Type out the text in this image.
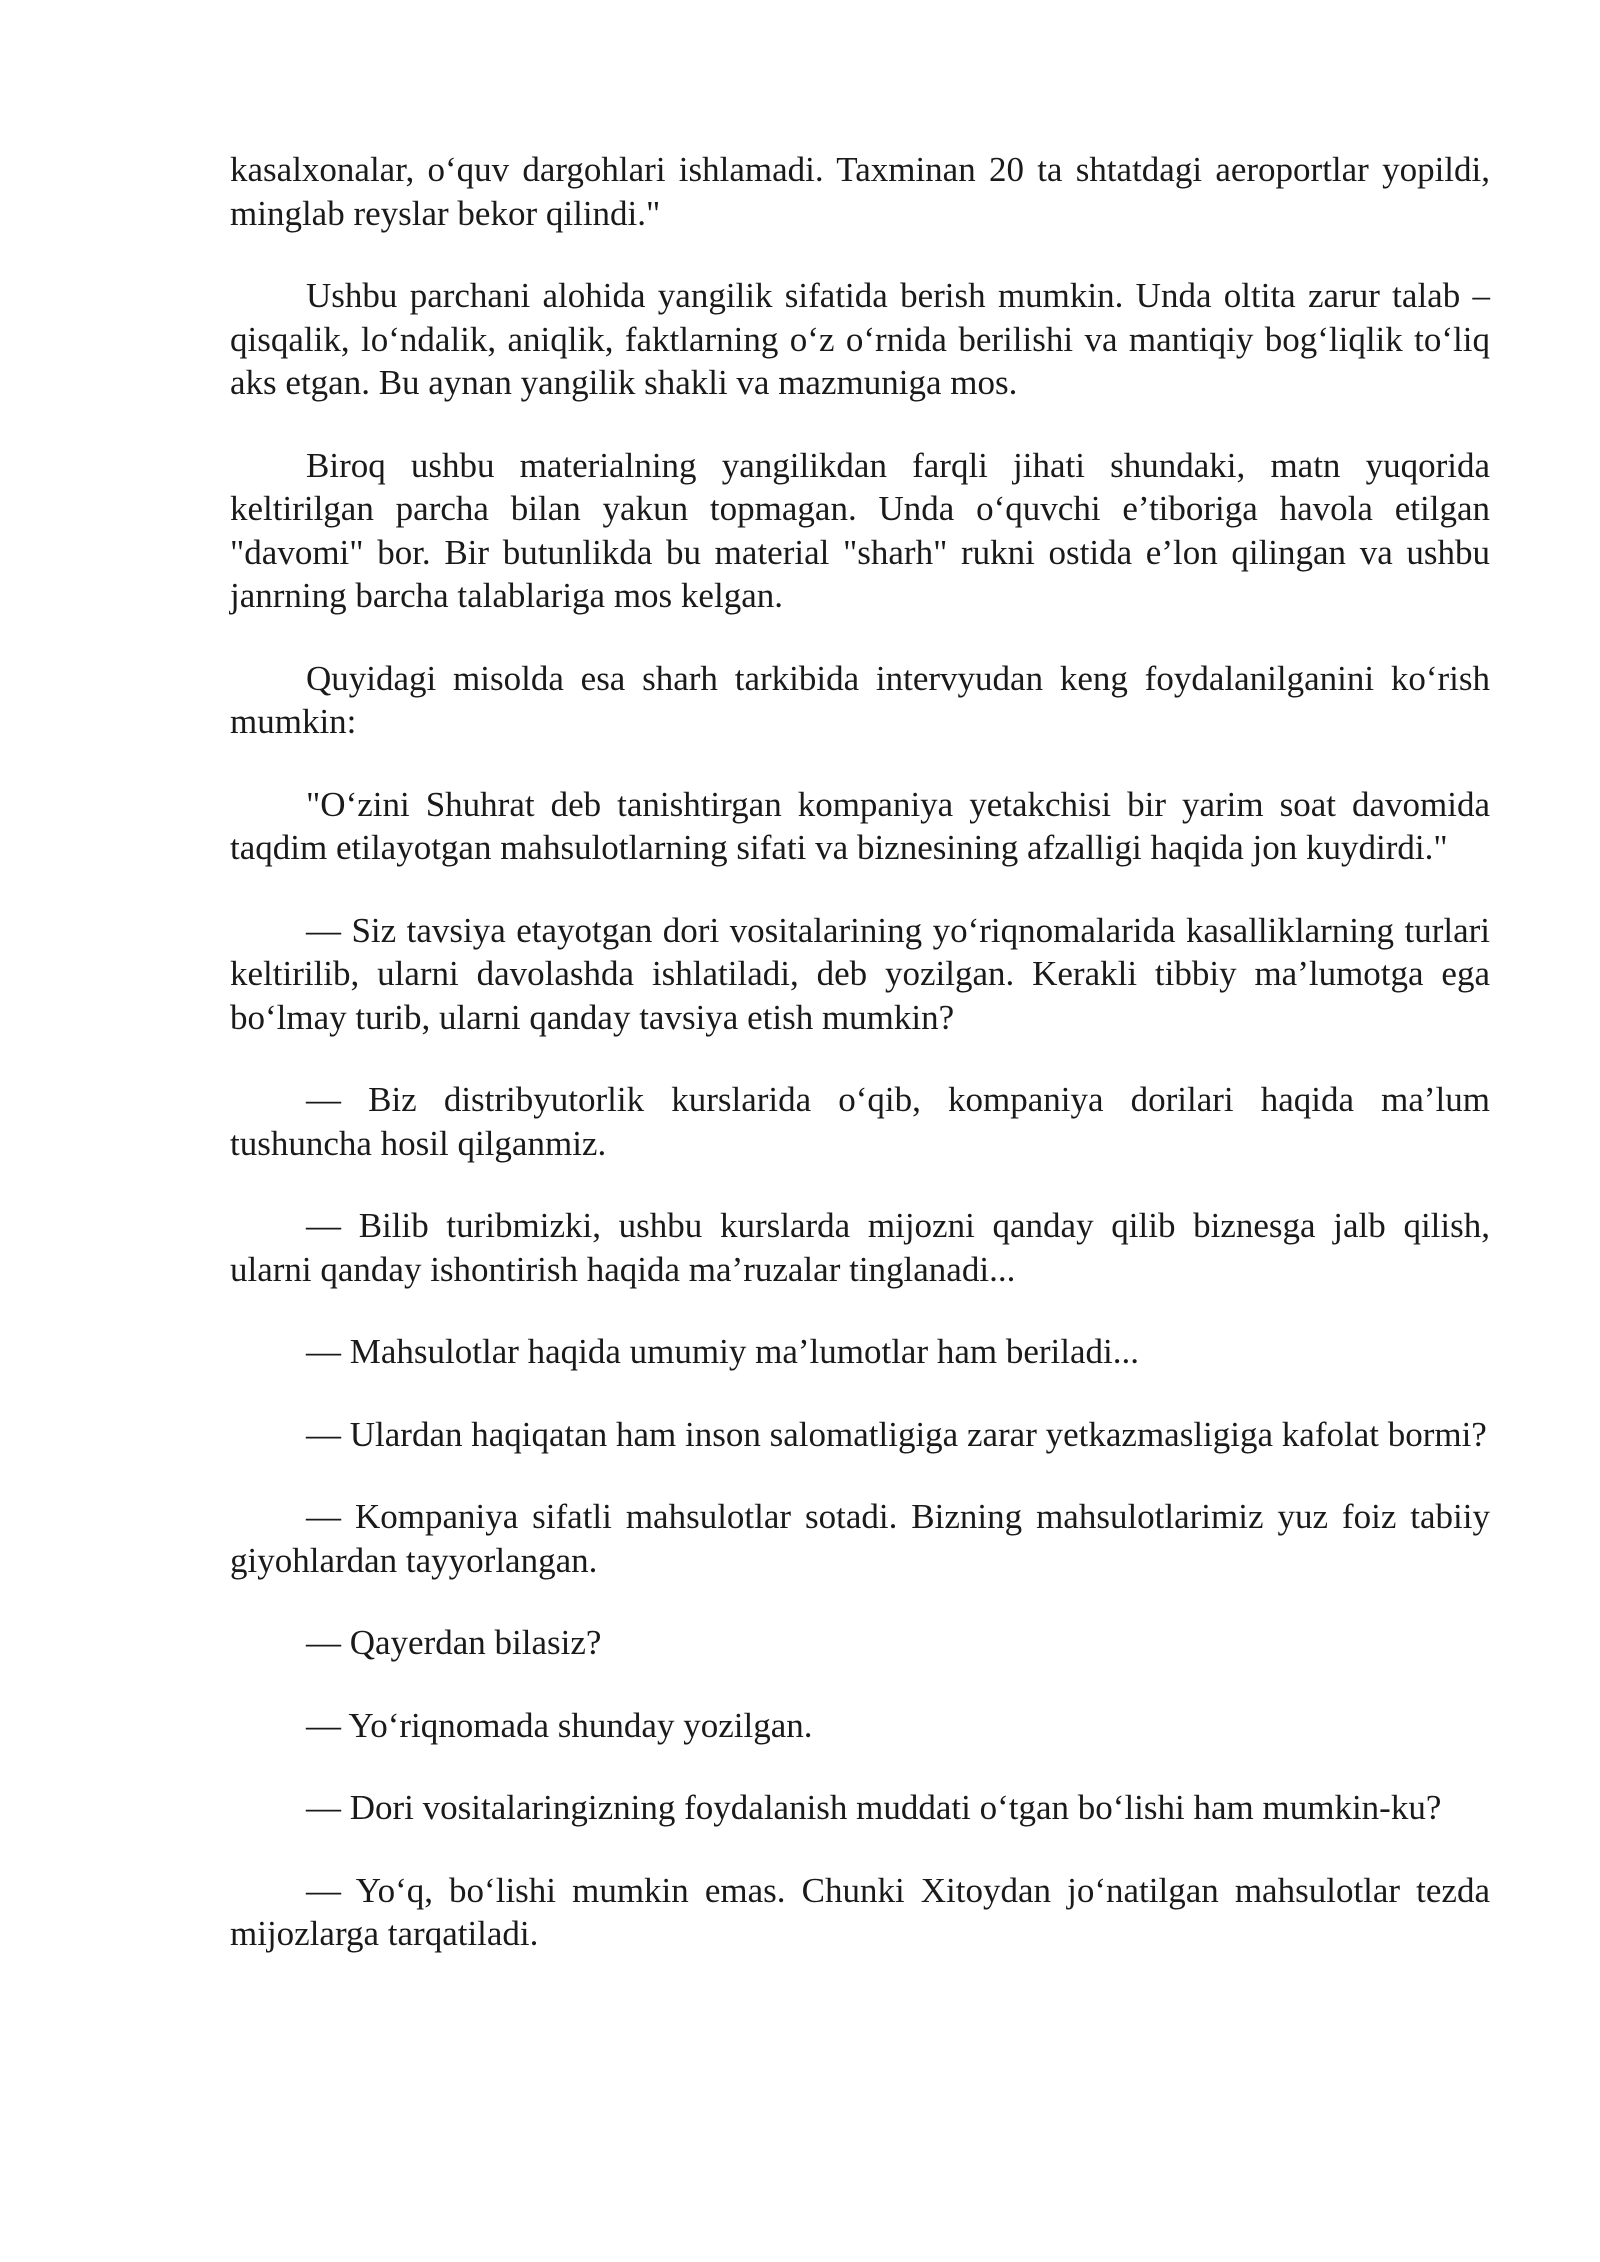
kasalxonalar, o‘quv dargohlari ishlamadi. Taxminan 20 ta shtatdagi aeroportlar yopildi, minglab reyslar bekor qilindi."

Ushbu parchani alohida yangilik sifatida berish mumkin. Unda oltita zarur talab – qisqalik, lo‘ndalik, aniqlik, faktlarning o‘z o‘rnida berilishi va mantiqiy bog‘liqlik to‘liq aks etgan. Bu aynan yangilik shakli va mazmuniga mos.

Biroq ushbu materialning yangilikdan farqli jihati shundaki, matn yuqorida keltirilgan parcha bilan yakun topmagan. Unda o‘quvchi e’tiboriga havola etilgan "davomi" bor. Bir butunlikda bu material "sharh" rukni ostida e’lon qilingan va ushbu janrning barcha talablariga mos kelgan.

Quyidagi misolda esa sharh tarkibida intervyudan keng foydalanilganini ko‘rish mumkin:

"O‘zini Shuhrat deb tanishtirgan kompaniya yetakchisi bir yarim soat davomida taqdim etilayotgan mahsulotlarning sifati va biznesining afzalligi haqida jon kuydirdi."

— Siz tavsiya etayotgan dori vositalarining yo‘riqnomalarida kasalliklarning turlari keltirilib, ularni davolashda ishlatiladi, deb yozilgan. Kerakli tibbiy ma’lumotga ega bo‘lmay turib, ularni qanday tavsiya etish mumkin?

— Biz distribyutorlik kurslarida o‘qib, kompaniya dorilari haqida ma’lum tushuncha hosil qilganmiz.

— Bilib turibmizki, ushbu kurslarda mijozni qanday qilib biznesga jalb qilish, ularni qanday ishontirish haqida ma’ruzalar tinglanadi...

— Mahsulotlar haqida umumiy ma’lumotlar ham beriladi...

— Ulardan haqiqatan ham inson salomatligiga zarar yetkazmasligiga kafolat bormi?

— Kompaniya sifatli mahsulotlar sotadi. Bizning mahsulotlarimiz yuz foiz tabiiy giyohlardan tayyorlangan.

— Qayerdan bilasiz?

— Yo‘riqnomada shunday yozilgan.

— Dori vositalaringizning foydalanish muddati o‘tgan bo‘lishi ham mumkin-ku?

— Yo‘q, bo‘lishi mumkin emas. Chunki Xitoydan jo‘natilgan mahsulotlar tezda mijozlarga tarqatiladi.
